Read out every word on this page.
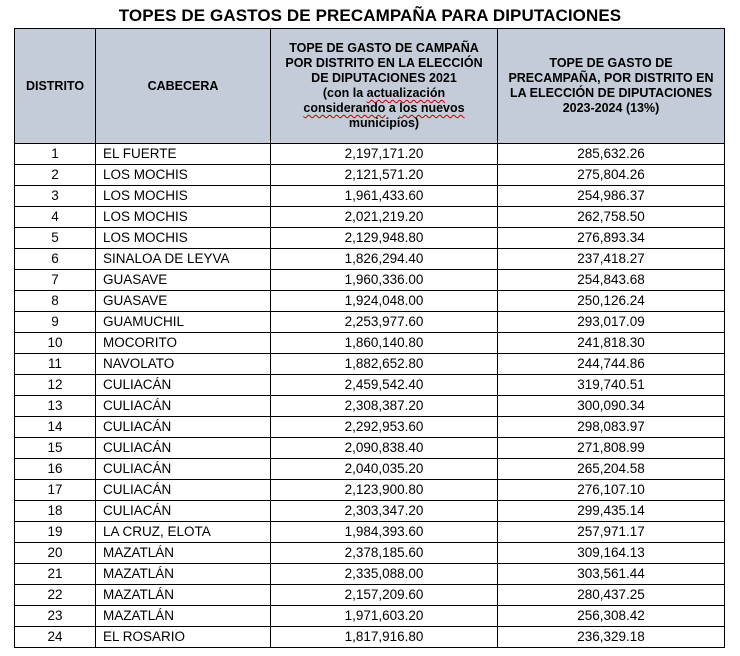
TOPES DE GASTOS DE PRECAMPAÑA PARA DIPUTACIONES
DISTRITO	CABECERA	TOPE DE GASTO DE CAMPAÑA POR DISTRITO EN LA ELECCIÓN DE DIPUTACIONES 2021
(con la actualización
considerando a los nuevos
municipios)	TOPE DE GASTO DE PRECAMPAÑA, POR DISTRITO EN LA ELECCIÓN DE DIPUTACIONES 2023-2024 (13%)

1	EL FUERTE	2,197,171.20	285,632.26
2	LOS MOCHIS	2,121,571.20	275,804.26
3	LOS MOCHIS	1,961,433.60	254,986.37
4	LOS MOCHIS	2,021,219.20	262,758.50
5	LOS MOCHIS	2,129,948.80	276,893.34
6	SINALOA DE LEYVA	1,826,294.40	237,418.27
7	GUASAVE	1,960,336.00	254,843.68
8	GUASAVE	1,924,048.00	250,126.24
9	GUAMUCHIL	2,253,977.60	293,017.09
10	MOCORITO	1,860,140.80	241,818.30
11	NAVOLATO	1,882,652.80	244,744.86
12	CULIACÁN	2,459,542.40	319,740.51
13	CULIACÁN	2,308,387.20	300,090.34
14	CULIACÁN	2,292,953.60	298,083.97
15	CULIACÁN	2,090,838.40	271,808.99
16	CULIACÁN	2,040,035.20	265,204.58
17	CULIACÁN	2,123,900.80	276,107.10
18	CULIACÁN	2,303,347.20	299,435.14
19	LA CRUZ, ELOTA	1,984,393.60	257,971.17
20	MAZATLÁN	2,378,185.60	309,164.13
21	MAZATLÁN	2,335,088.00	303,561.44
22	MAZATLÁN	2,157,209.60	280,437.25
23	MAZATLÁN	1,971,603.20	256,308.42
24	EL ROSARIO	1,817,916.80	236,329.18
